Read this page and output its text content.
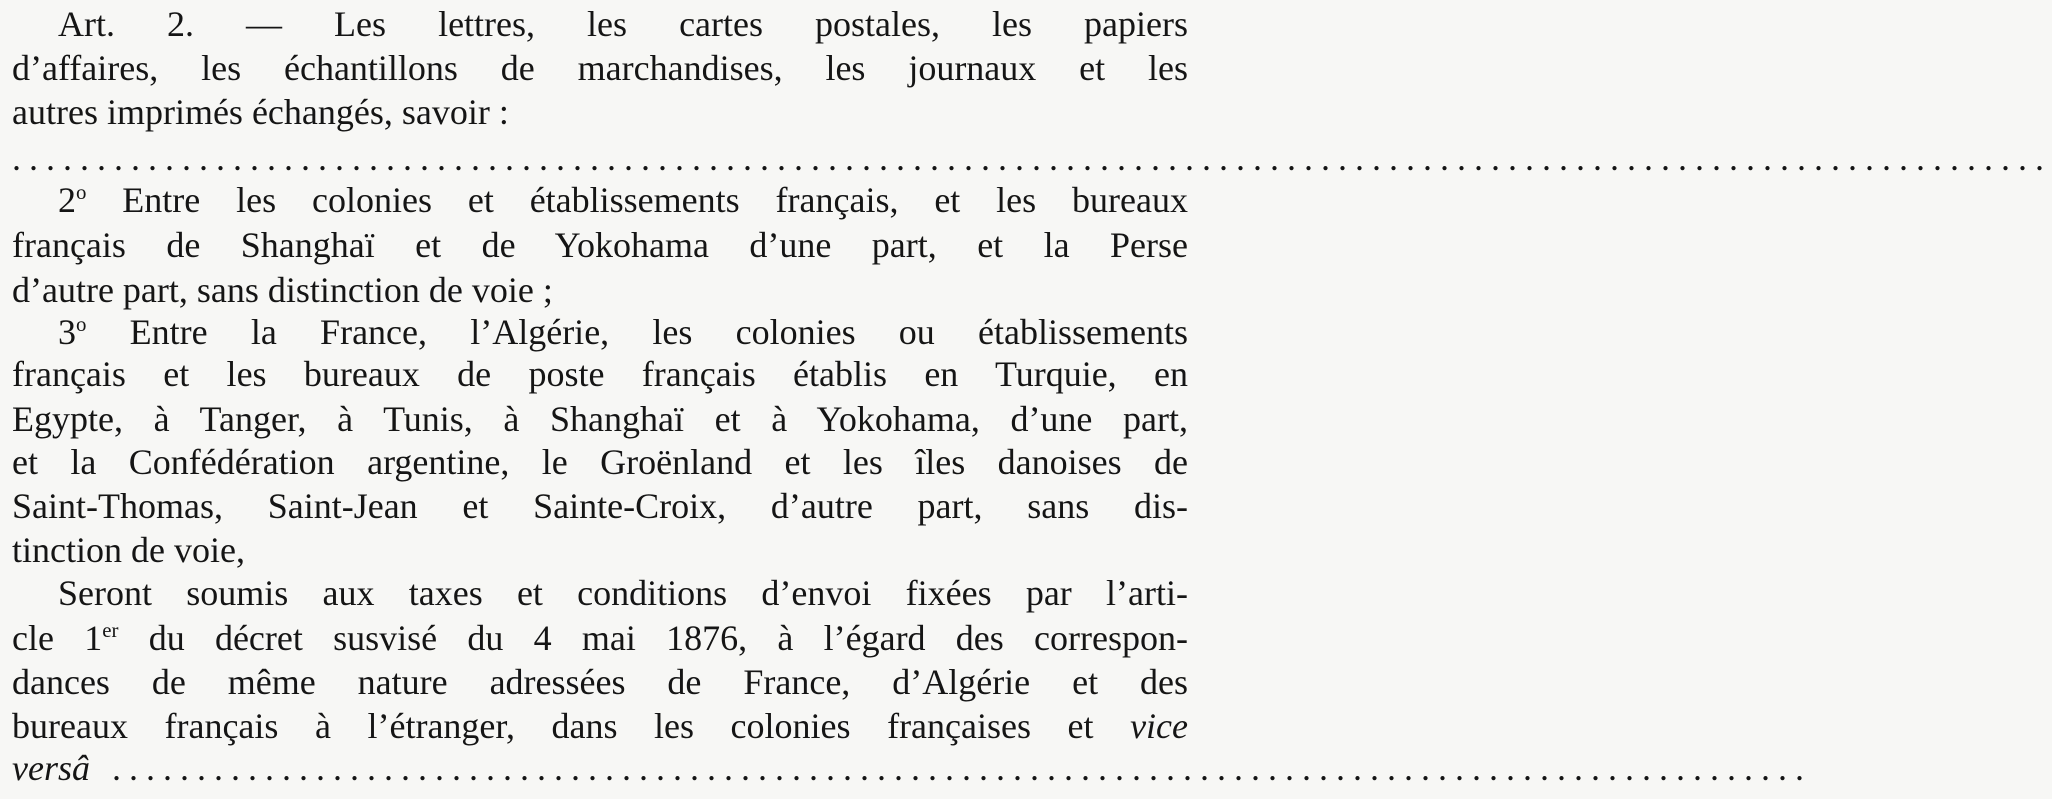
Art. 2. — Les lettres, les cartes postales, les papiers
d’affaires, les échantillons de marchandises, les journaux et les
autres imprimés échangés, savoir :
........................................................................................................................
2$^o$ Entre les colonies et établissements français, et les bureaux
français de Shanghaï et de Yokohama d’une part, et la Perse
d’autre part, sans distinction de voie ;
3$^o$ Entre la France, l’Algérie, les colonies ou établissements
français et les bureaux de poste français établis en Turquie, en
Egypte, à Tanger, à Tunis, à Shanghaï et à Yokohama, d’une part,
et la Confédération argentine, le Groënland et les îles danoises de
Saint-Thomas, Saint-Jean et Sainte-Croix, d’autre part, sans dis-
tinction de voie,
Seront soumis aux taxes et conditions d’envoi fixées par l’arti-
cle 1er du décret susvisé du 4 mai 1876, à l’égard des correspon-
dances de même nature adressées de France, d’Algérie et des
bureaux français à l’étranger, dans les colonies françaises et vice
versâ ....................................................................................................
